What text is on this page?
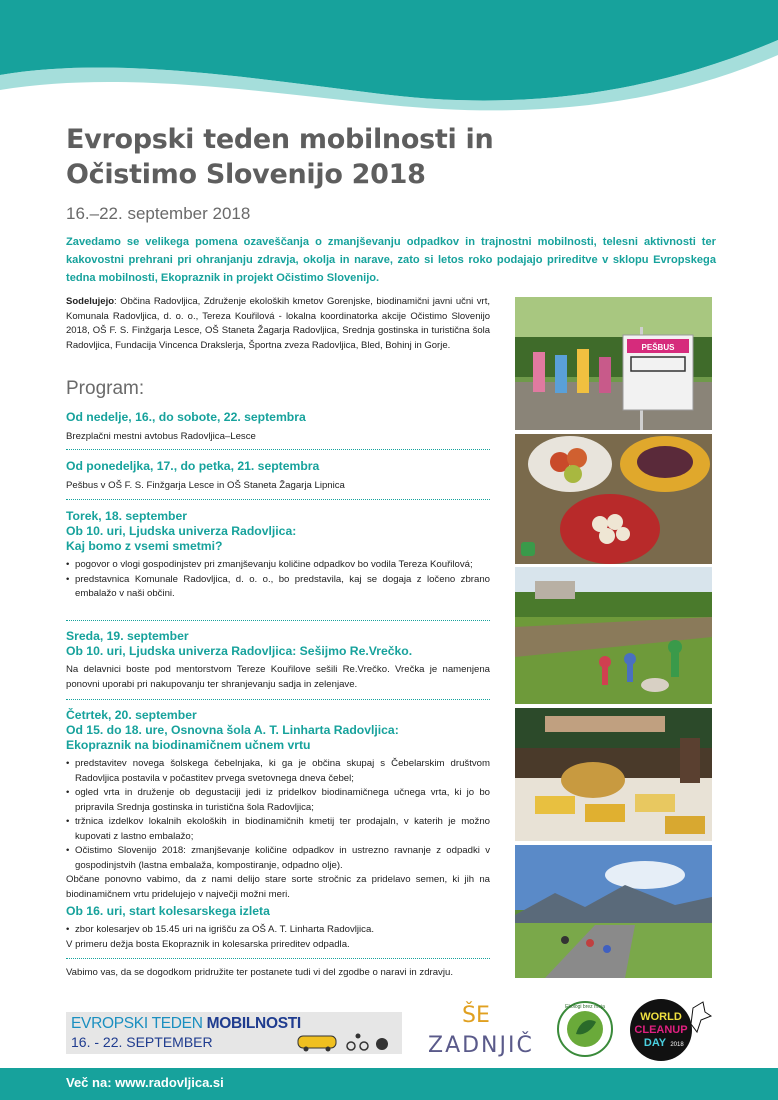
Evropski teden mobilnosti in
Očistimo Slovenijo 2018
16.–22. september 2018
Zavedamo se velikega pomena ozaveščanja o zmanjševanju odpadkov in trajnostni mobilnosti, telesni aktivnosti ter kakovostni prehrani pri ohranjanju zdravja, okolja in narave, zato si letos roko podajajo prireditve v sklopu Evropskega tedna mobilnosti, Ekopraznik in projekt Očistimo Slovenijo.
Sodelujejo: Občina Radovljica, Združenje ekoloških kmetov Gorenjske, biodinamični javni učni vrt, Komunala Radovljica, d. o. o., Tereza Kouřilová - lokalna koordinatorka akcije Očistimo Slovenijo 2018, OŠ F. S. Finžgarja Lesce, OŠ Staneta Žagarja Radovljica, Srednja gostinska in turistična šola Radovljica, Fundacija Vincenca Drakslerja, Športna zveza Radovljica, Bled, Bohinj in Gorje.
Program:
Od nedelje, 16., do sobote, 22. septembra
Brezplačni mestni avtobus Radovljica–Lesce
Od ponedeljka, 17., do petka, 21. septembra
Pešbus v OŠ F. S. Finžgarja Lesce in OŠ Staneta Žagarja Lipnica
Torek, 18. september
Ob 10. uri, Ljudska univerza Radovljica:
Kaj bomo z vsemi smetmi?
• pogovor o vlogi gospodinjstev pri zmanjševanju količine odpadkov bo vodila Tereza Kouřilová;
• predstavnica Komunale Radovljica, d. o. o., bo predstavila, kaj se dogaja z ločeno zbrano embalažo v naši občini.
Sreda, 19. september
Ob 10. uri, Ljudska univerza Radovljica: Sešijmo Re.Vrečko.
Na delavnici boste pod mentorstvom Tereze Kouřilove sešili Re.Vrečko. Vrečka je namenjena ponovni uporabi pri nakupovanju ter shranjevanju sadja in zelenjave.
Četrtek, 20. september
Od 15. do 18. ure, Osnovna šola A. T. Linharta Radovljica:
Ekopraznik na biodinamičnem učnem vrtu
• predstavitev novega šolskega čebelnjaka, ki ga je občina skupaj s Čebelarskim društvom Radovljica postavila v počastitev prvega svetovnega dneva čebel;
• ogled vrta in druženje ob degustaciji jedi iz pridelkov biodinamičnega učnega vrta, ki jo bo pripravila Srednja gostinska in turistična šola Radovljica;
• tržnica izdelkov lokalnih ekoloških in biodinamičnih kmetij ter prodajaln, v katerih je možno kupovati z lastno embalažo;
• Očistimo Slovenijo 2018: zmanjševanje količine odpadkov in ustrezno ravnanje z odpadki v gospodinjstvih (lastna embalaža, kompostiranje, odpadno olje).
Občane ponovno vabimo, da z nami delijo stare sorte stročnic za pridelavo semen, ki jih na biodinamičnem vrtu pridelujejo v največji možni meri.
Ob 16. uri, start kolesarskega izleta
• zbor kolesarjev ob 15.45 uri na igrišču za OŠ A. T. Linharta Radovljica.
V primeru dežja bosta Ekopraznik in kolesarska prireditev odpadla.
Vabimo vas, da se dogodkom pridružite ter postanete tudi vi del zgodbe o naravi in zdravju.
PEŠBUS
EVROPSKI TEDEN MOBILNOSTI
16. - 22. SEPTEMBER
ŠE
ZADNJIČ
Ekologi brez meja
WORLD
CLEANUP
DAY 2018
Več na: www.radovljica.si
